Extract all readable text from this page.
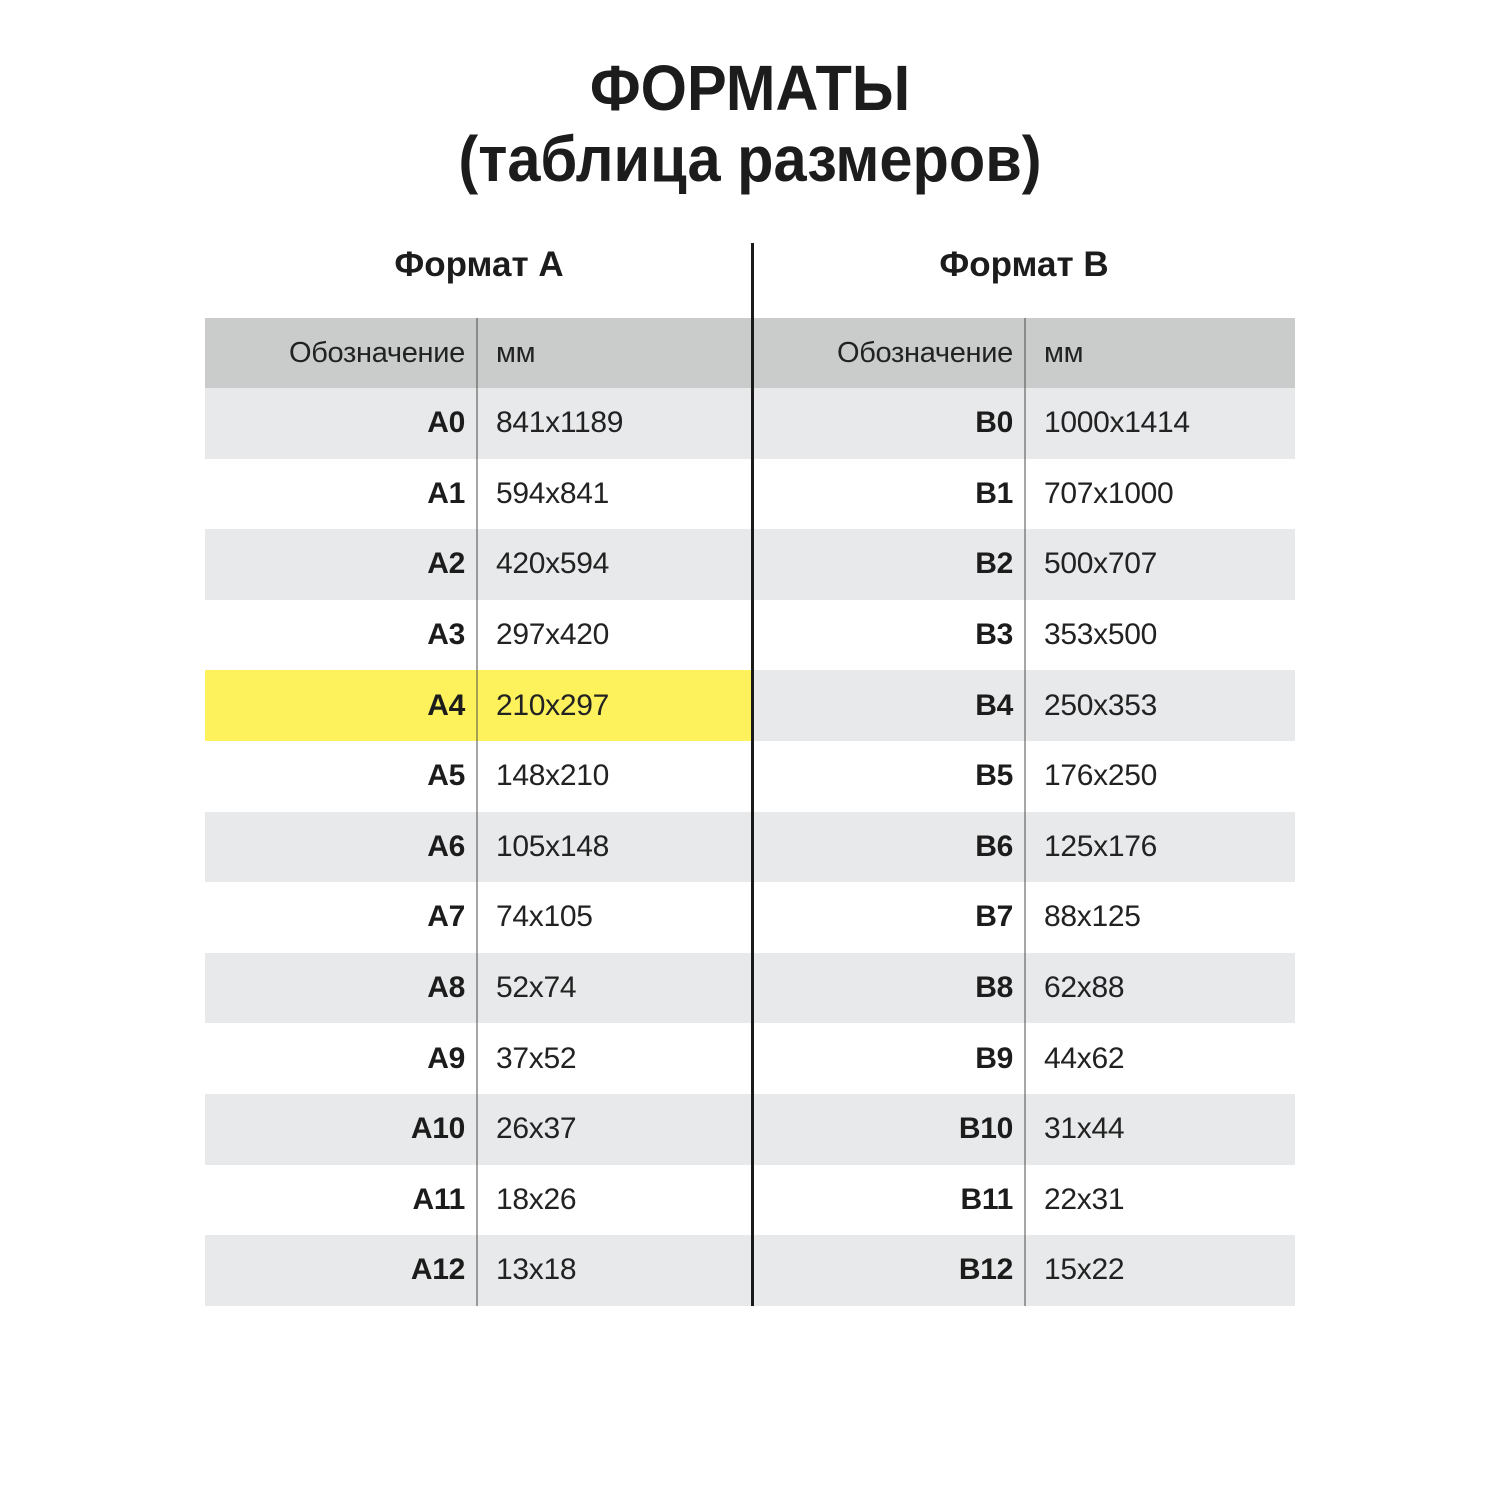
ФОРМАТЫ
(таблица размеров)
Формат А	Формат B
Обозначение	мм	Обозначение	мм
A0	841x1189	B0	1000x1414
A1	594x841	B1	707x1000
A2	420x594	B2	500x707
A3	297x420	B3	353x500
A4	210x297	B4	250x353
A5	148x210	B5	176x250
A6	105x148	B6	125x176
A7	74x105	B7	88x125
A8	52x74	B8	62x88
A9	37x52	B9	44x62
A10	26x37	B10	31x44
A11	18x26	B11	22x31
A12	13x18	B12	15x22
